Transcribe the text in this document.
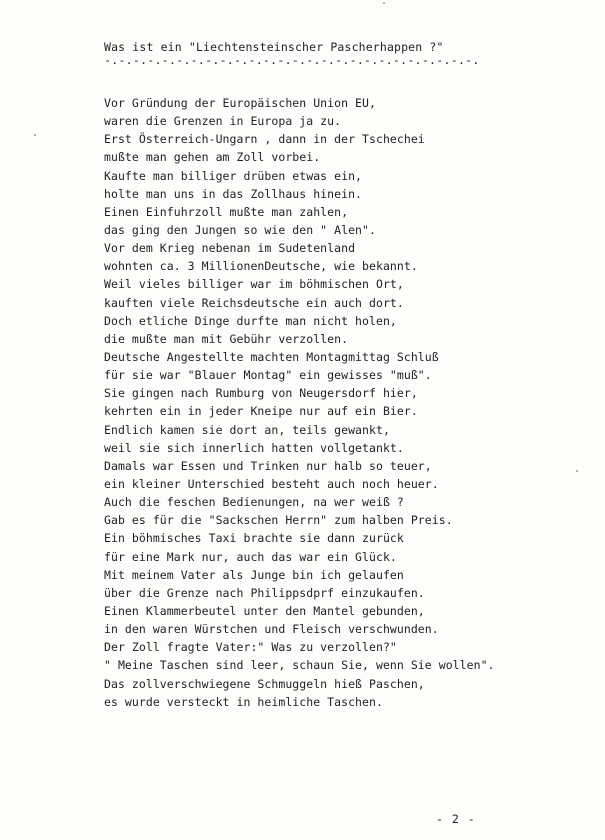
Was ist ein "Liechtensteinscher Pascherhappen ?"
-.-.-.-.-.-.-.-.-.-.-.-.-.-.-.-.-.-.-.-.-.-.-.-.-.-.
Vor Gründung der Europäischen Union EU,
waren die Grenzen in Europa ja zu.
Erst Österreich-Ungarn , dann in der Tschechei
mußte man gehen am Zoll vorbei.
Kaufte man billiger drüben etwas ein,
holte man uns in das Zollhaus hinein.
Einen Einfuhrzoll mußte man zahlen,
das ging den Jungen so wie den " Alen".
Vor dem Krieg nebenan im Sudetenland
wohnten ca. 3 MillionenDeutsche, wie bekannt.
Weil vieles billiger war im böhmischen Ort,
kauften viele Reichsdeutsche ein auch dort.
Doch etliche Dinge durfte man nicht holen,
die mußte man mit Gebühr verzollen.
Deutsche Angestellte machten Montagmittag Schluß
für sie war "Blauer Montag" ein gewisses "muß".
Sie gingen nach Rumburg von Neugersdorf hier,
kehrten ein in jeder Kneipe nur auf ein Bier.
Endlich kamen sie dort an, teils gewankt,
weil sie sich innerlich hatten vollgetankt.
Damals war Essen und Trinken nur halb so teuer,
ein kleiner Unterschied besteht auch noch heuer.
Auch die feschen Bedienungen, na wer weiß ?
Gab es für die "Sackschen Herrn" zum halben Preis.
Ein böhmisches Taxi brachte sie dann zurück
für eine Mark nur, auch das war ein Glück.
Mit meinem Vater als Junge bin ich gelaufen
über die Grenze nach Philippsdprf einzukaufen.
Einen Klammerbeutel unter den Mantel gebunden,
in den waren Würstchen und Fleisch verschwunden.
Der Zoll fragte Vater:" Was zu verzollen?"
" Meine Taschen sind leer, schaun Sie, wenn Sie wollen".
Das zollverschwiegene Schmuggeln hieß Paschen,
es wurde versteckt in heimliche Taschen.
- 2 -
